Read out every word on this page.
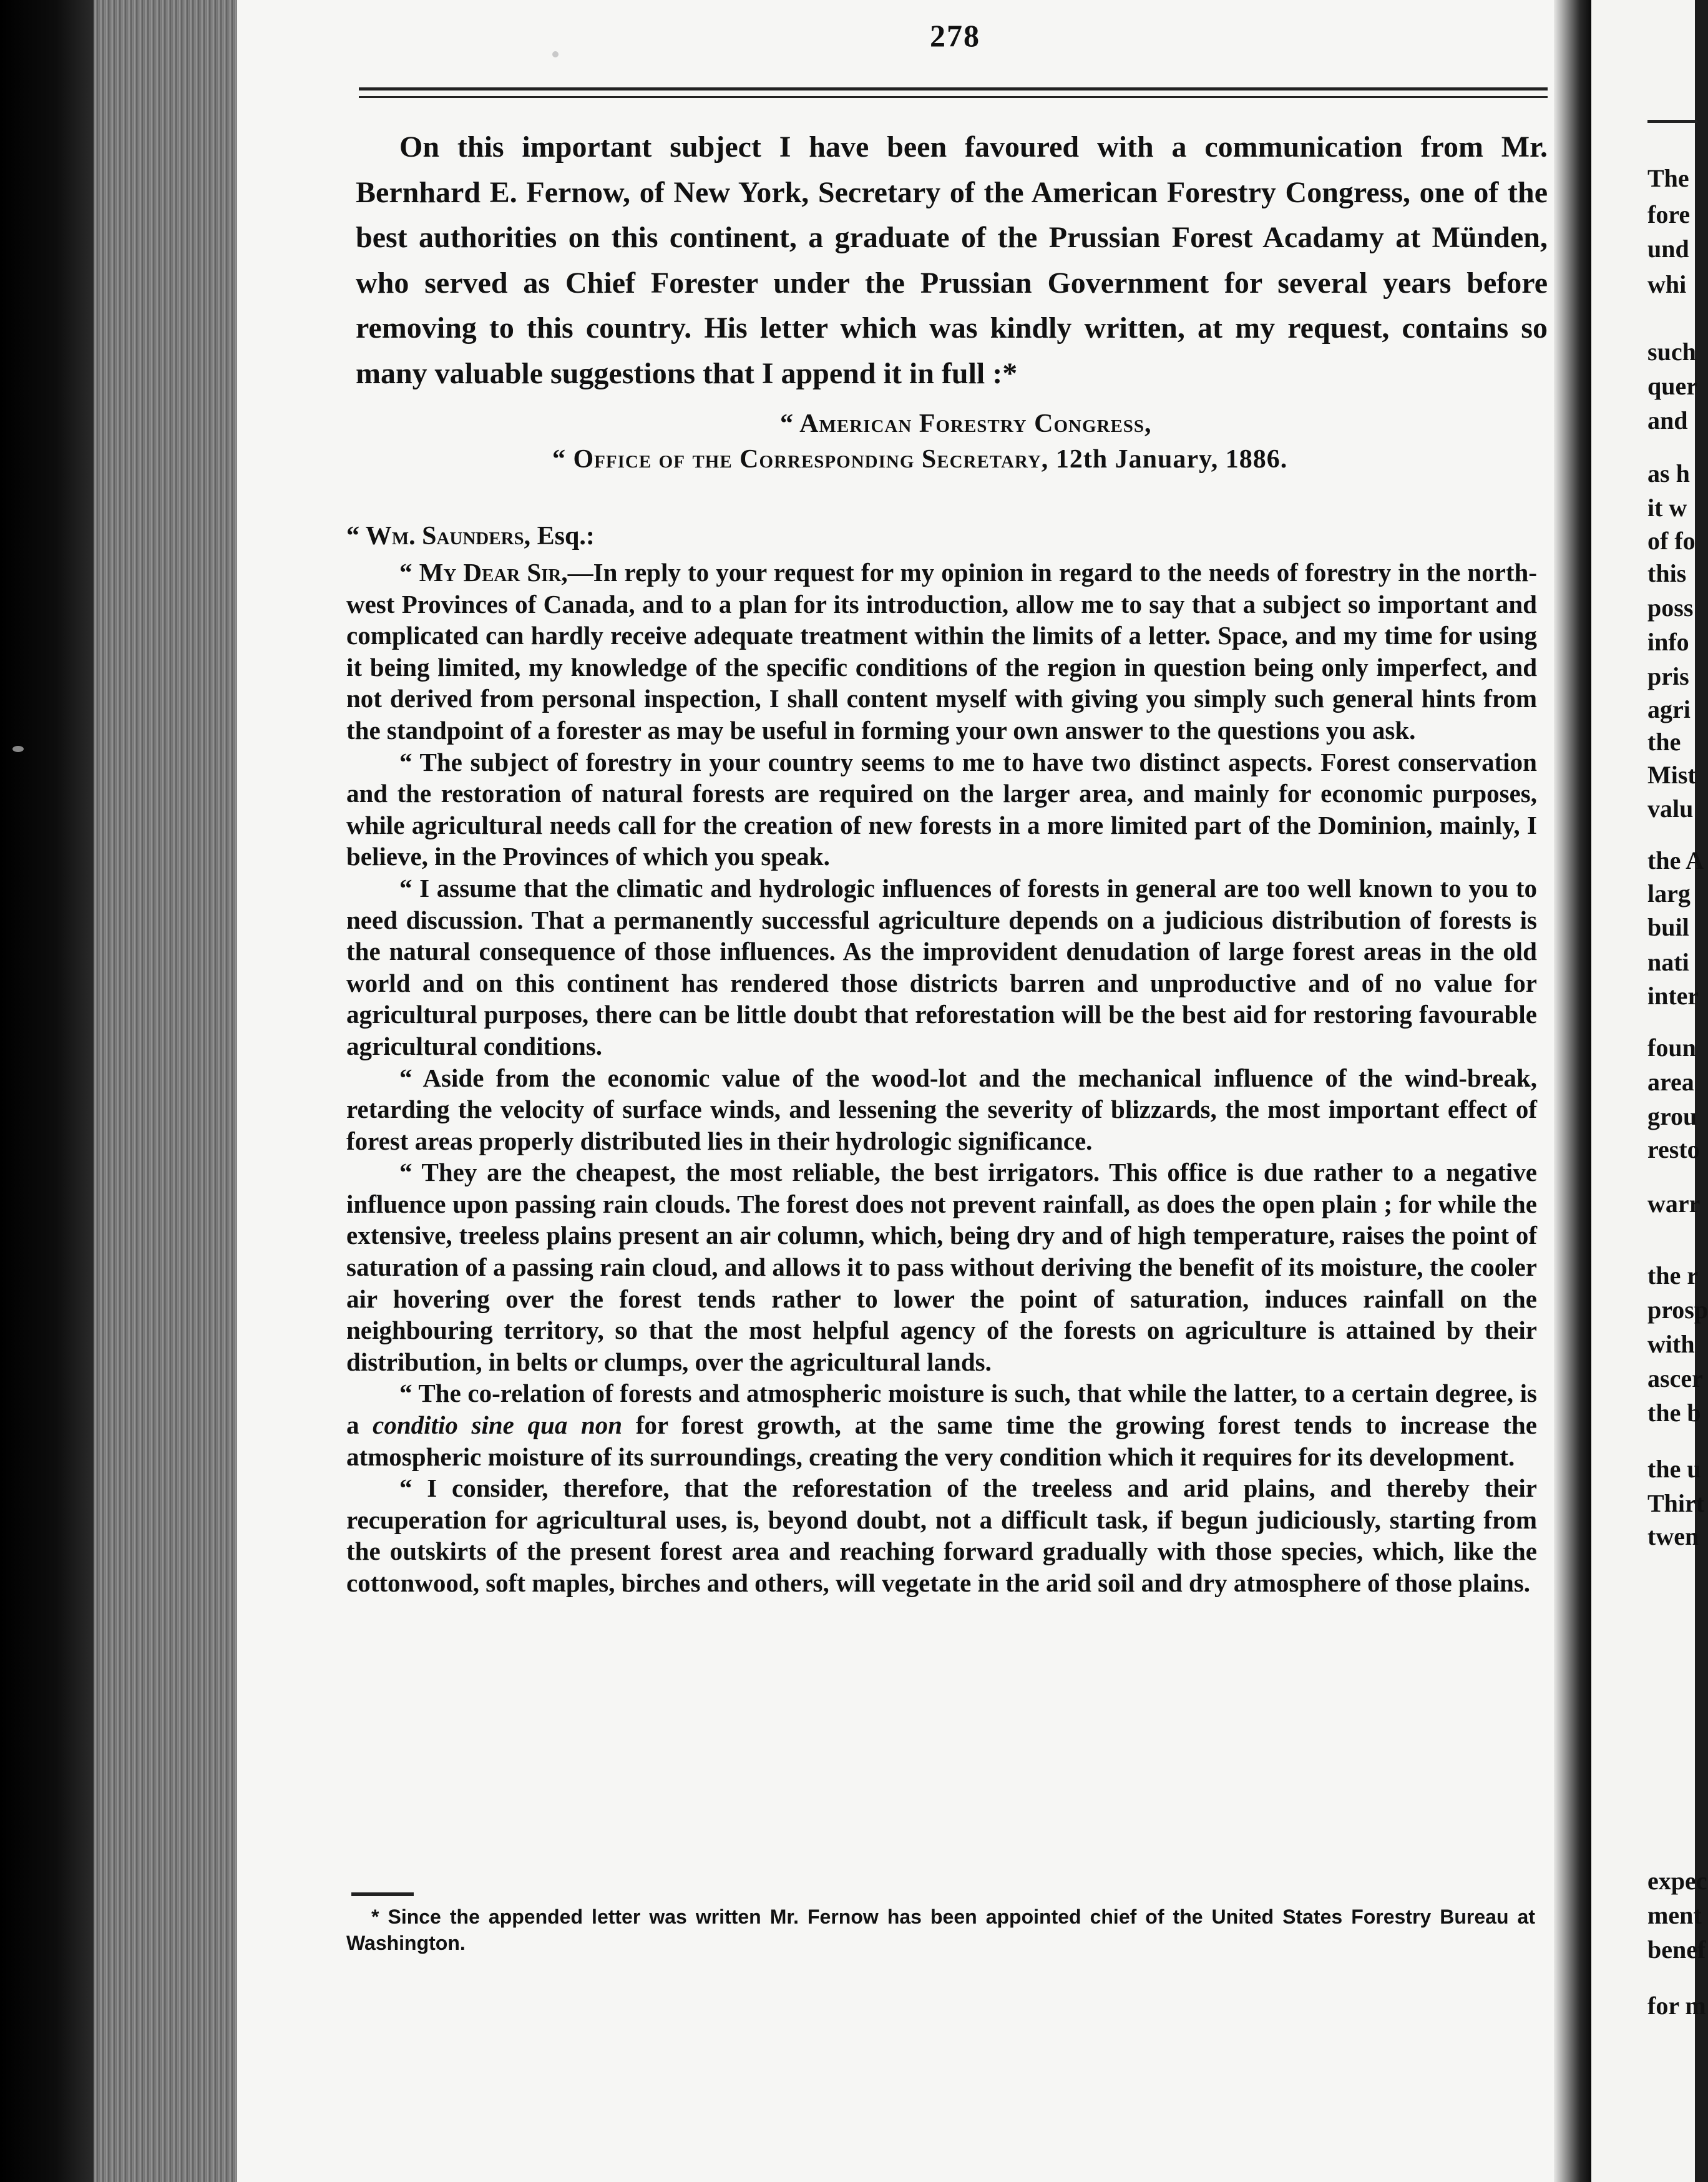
278

On this important subject I have been favoured with a communication from Mr. Bernhard E. Fernow, of New York, Secretary of the American Forestry Congress, one of the best authorities on this continent, a graduate of the Prussian Forest Acadamy at Münden, who served as Chief Forester under the Prussian Government for several years before removing to this country. His letter which was kindly written, at my request, contains so many valuable suggestions that I append it in full :*

“ American Forestry Congress,
“ Office of the Corresponding Secretary, 12th January, 1886.
“ Wm. Saunders, Esq.:

“ My Dear Sir,—In reply to your request for my opinion in regard to the needs of forestry in the north-west Provinces of Canada, and to a plan for its introduction, allow me to say that a subject so important and complicated can hardly receive adequate treatment within the limits of a letter. Space, and my time for using it being limited, my knowledge of the specific conditions of the region in question being only imperfect, and not derived from personal inspection, I shall content myself with giving you simply such general hints from the standpoint of a forester as may be useful in forming your own answer to the questions you ask.

“ The subject of forestry in your country seems to me to have two distinct aspects. Forest conservation and the restoration of natural forests are required on the larger area, and mainly for economic purposes, while agricultural needs call for the creation of new forests in a more limited part of the Dominion, mainly, I believe, in the Provinces of which you speak.

“ I assume that the climatic and hydrologic influences of forests in general are too well known to you to need discussion. That a permanently successful agriculture depends on a judicious distribution of forests is the natural consequence of those influences. As the improvident denudation of large forest areas in the old world and on this continent has rendered those districts barren and unproductive and of no value for agricultural purposes, there can be little doubt that reforestation will be the best aid for restoring favourable agricultural conditions.

“ Aside from the economic value of the wood-lot and the mechanical influence of the wind-break, retarding the velocity of surface winds, and lessening the severity of blizzards, the most important effect of forest areas properly distributed lies in their hydrologic significance.

“ They are the cheapest, the most reliable, the best irrigators. This office is due rather to a negative influence upon passing rain clouds. The forest does not prevent rainfall, as does the open plain ; for while the extensive, treeless plains present an air column, which, being dry and of high temperature, raises the point of saturation of a passing rain cloud, and allows it to pass without deriving the benefit of its moisture, the cooler air hovering over the forest tends rather to lower the point of saturation, induces rainfall on the neighbouring territory, so that the most helpful agency of the forests on agriculture is attained by their distribution, in belts or clumps, over the agricultural lands.

“ The co-relation of forests and atmospheric moisture is such, that while the latter, to a certain degree, is a conditio sine qua non for forest growth, at the same time the growing forest tends to increase the atmospheric moisture of its surroundings, creating the very condition which it requires for its development.

“ I consider, therefore, that the reforestation of the treeless and arid plains, and thereby their recuperation for agricultural uses, is, beyond doubt, not a difficult task, if begun judiciously, starting from the outskirts of the present forest area and reaching forward gradually with those species, which, like the cottonwood, soft maples, birches and others, will vegetate in the arid soil and dry atmosphere of those plains.

* Since the appended letter was written Mr. Fernow has been appointed chief of the United States Forestry Bureau at Washington.
The
fore
und
whi
such
quer
and
as h
it w
of fo
this
poss
info
pris
agri
the
Mist
valu
the A
larg
buil
nati
inter
foun
area
grou
resto
warr
the r
prosp
with
ascer
the b
the u
Thirt
twen
expec
ment
benef
for m
